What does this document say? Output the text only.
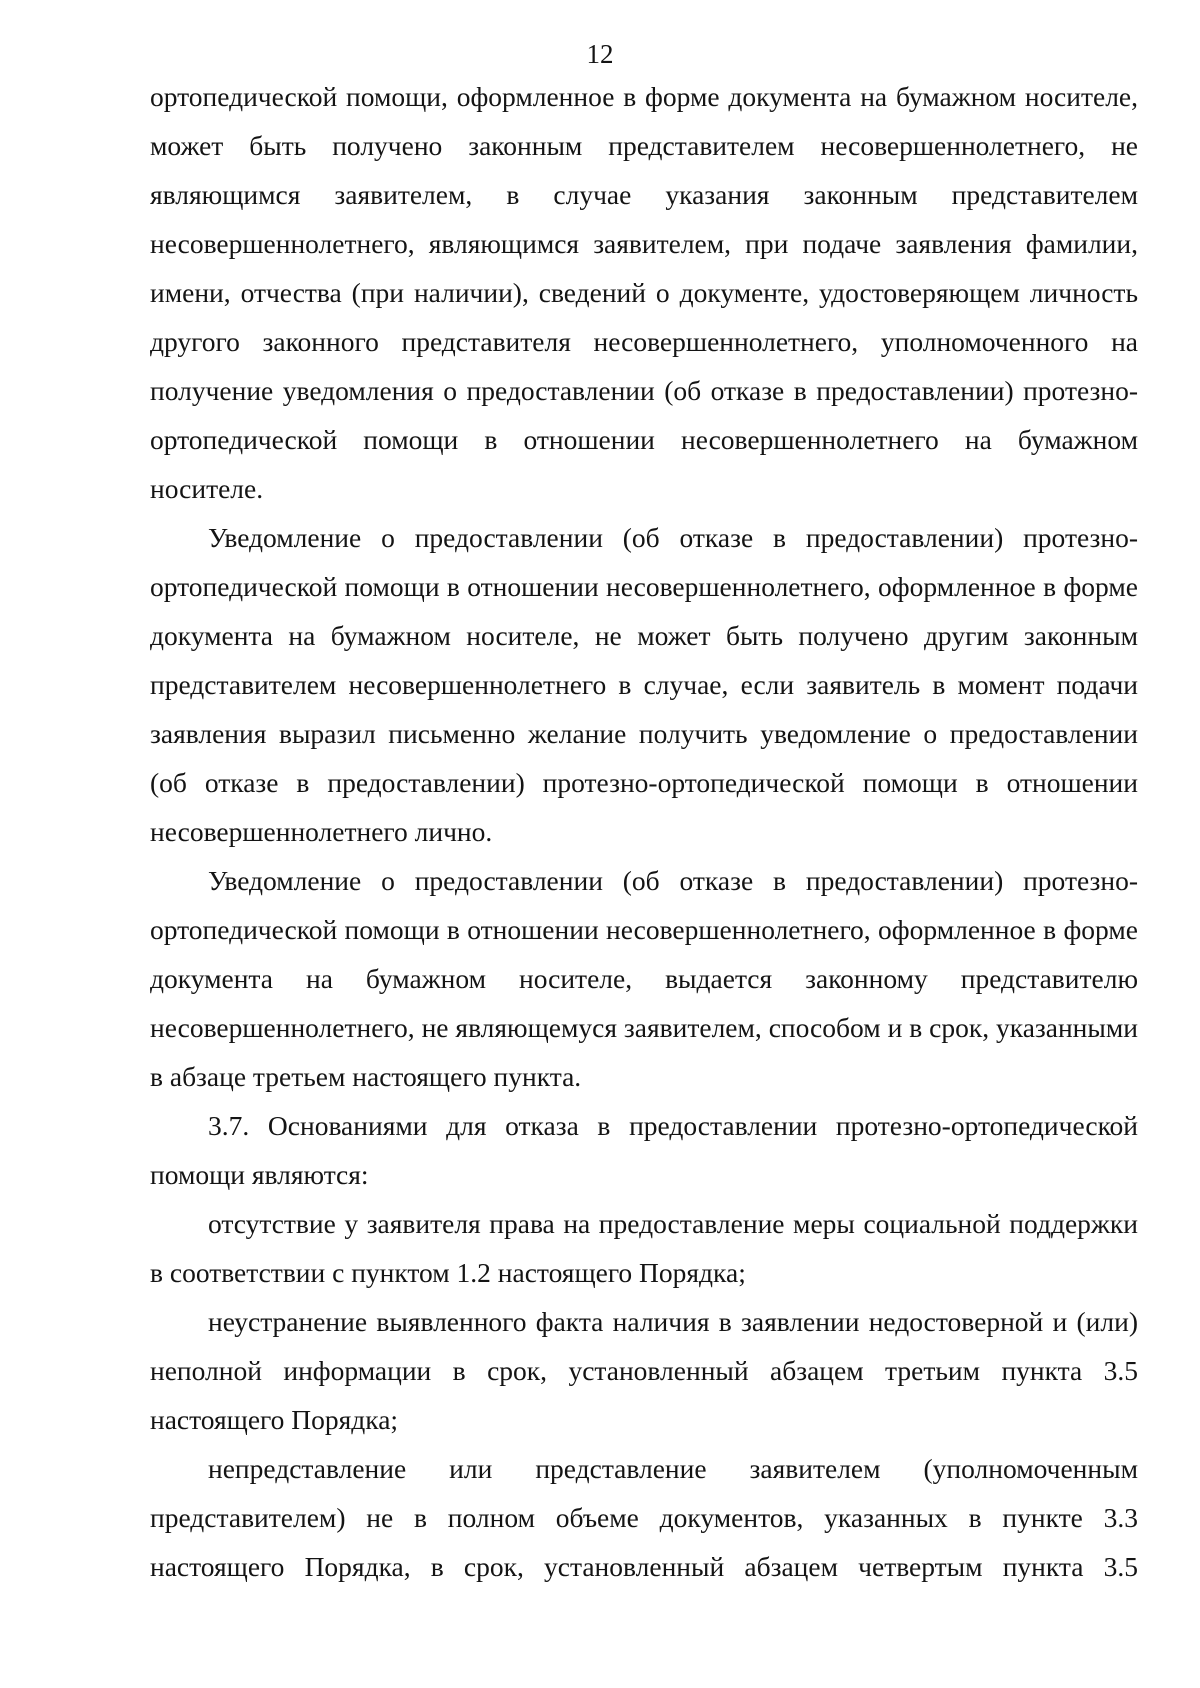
12

ортопедической помощи, оформленное в форме документа на бумажном носителе, может быть получено законным представителем несовершеннолетнего, не являющимся заявителем, в случае указания законным представителем несовершеннолетнего, являющимся заявителем, при подаче заявления фамилии, имени, отчества (при наличии), сведений о документе, удостоверяющем личность другого законного представителя несовершеннолетнего, уполномоченного на получение уведомления о предоставлении (об отказе в предоставлении) протезно-ортопедической помощи в отношении несовершеннолетнего на бумажном носителе.

Уведомление о предоставлении (об отказе в предоставлении) протезно-ортопедической помощи в отношении несовершеннолетнего, оформленное в форме документа на бумажном носителе, не может быть получено другим законным представителем несовершеннолетнего в случае, если заявитель в момент подачи заявления выразил письменно желание получить уведомление о предоставлении (об отказе в предоставлении) протезно-ортопедической помощи в отношении несовершеннолетнего лично.

Уведомление о предоставлении (об отказе в предоставлении) протезно-ортопедической помощи в отношении несовершеннолетнего, оформленное в форме документа на бумажном носителе, выдается законному представителю несовершеннолетнего, не являющемуся заявителем, способом и в срок, указанными в абзаце третьем настоящего пункта.

3.7. Основаниями для отказа в предоставлении протезно-ортопедической помощи являются:

отсутствие у заявителя права на предоставление меры социальной поддержки в соответствии с пунктом 1.2 настоящего Порядка;

неустранение выявленного факта наличия в заявлении недостоверной и (или) неполной информации в срок, установленный абзацем третьим пункта 3.5 настоящего Порядка;

непредставление или представление заявителем (уполномоченным представителем) не в полном объеме документов, указанных в пункте 3.3 настоящего Порядка, в срок, установленный абзацем четвертым пункта 3.5
